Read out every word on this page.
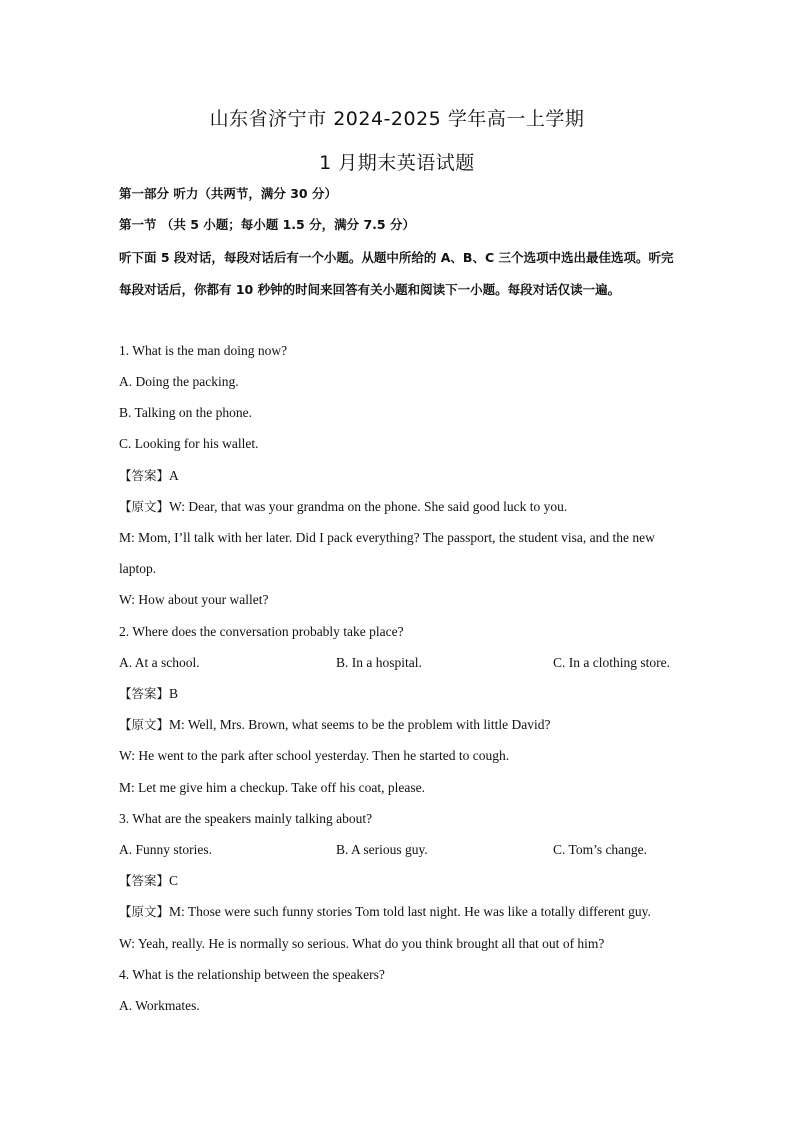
山东省济宁市 2024-2025 学年高一上学期
1 月期末英语试题
第一部分 听力（共两节，满分 30 分）
第一节 （共 5 小题；每小题 1.5 分，满分 7.5 分）
听下面 5 段对话，每段对话后有一个小题。从题中所给的 A、B、C 三个选项中选出最佳选项。听完每段对话后，你都有 10 秒钟的时间来回答有关小题和阅读下一小题。每段对话仅读一遍。
1. What is the man doing now?
A. Doing the packing.
B. Talking on the phone.
C. Looking for his wallet.
【答案】A
【原文】W: Dear, that was your grandma on the phone. She said good luck to you.
M: Mom, I’ll talk with her later. Did I pack everything? The passport, the student visa, and the new
laptop.
W: How about your wallet?
2. Where does the conversation probably take place?
A. At a school.	B. In a hospital.	C. In a clothing store.
【答案】B
【原文】M: Well, Mrs. Brown, what seems to be the problem with little David?
W: He went to the park after school yesterday. Then he started to cough.
M: Let me give him a checkup. Take off his coat, please.
3. What are the speakers mainly talking about?
A. Funny stories.	B. A serious guy.	C. Tom’s change.
【答案】C
【原文】M: Those were such funny stories Tom told last night. He was like a totally different guy.
W: Yeah, really. He is normally so serious. What do you think brought all that out of him?
4. What is the relationship between the speakers?
A. Workmates.
